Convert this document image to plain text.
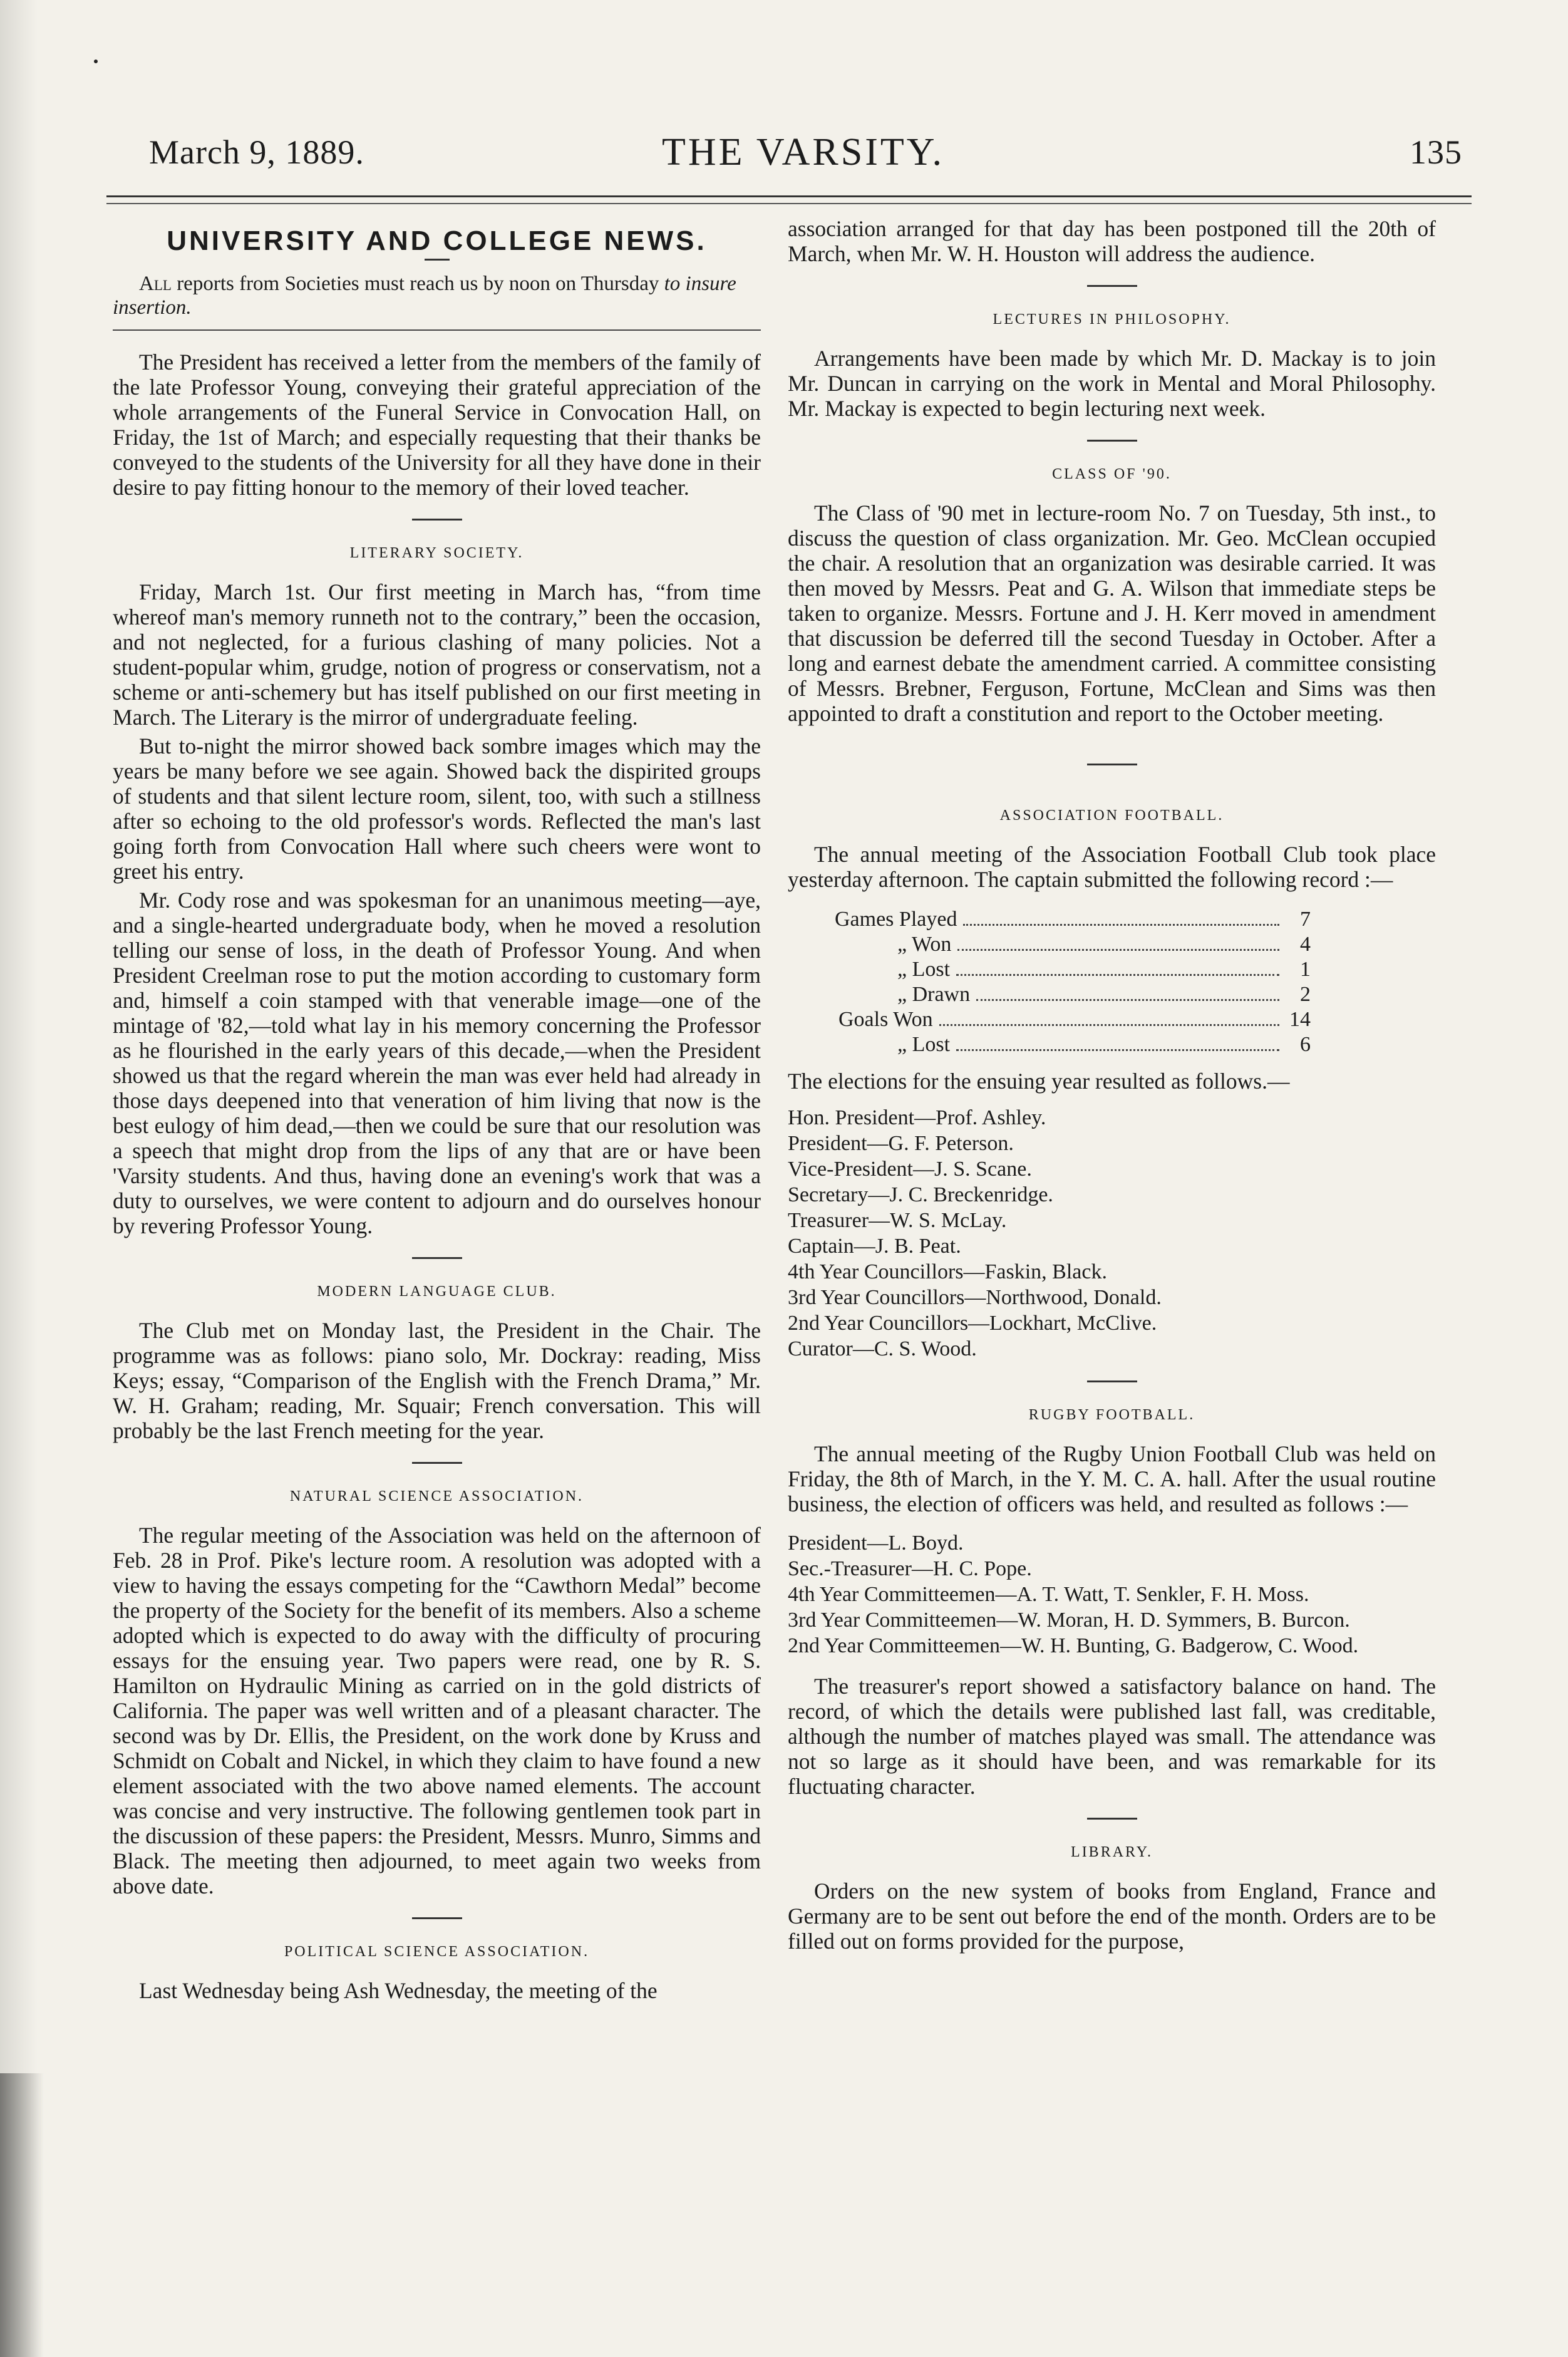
March 9, 1889.	THE VARSITY.	135
UNIVERSITY AND COLLEGE NEWS.

All reports from Societies must reach us by noon on Thursday to insure insertion.

The President has received a letter from the members of the family of the late Professor Young, conveying their grateful appreciation of the whole arrangements of the Funeral Service in Convocation Hall, on Friday, the 1st of March; and especially requesting that their thanks be conveyed to the students of the University for all they have done in their desire to pay fitting honour to the memory of their loved teacher.

LITERARY SOCIETY.

Friday, March 1st. Our first meeting in March has, “from time whereof man's memory runneth not to the contrary,” been the occasion, and not neglected, for a furious clashing of many policies. Not a student-popular whim, grudge, notion of progress or conservatism, not a scheme or anti-schemery but has itself published on our first meeting in March. The Literary is the mirror of undergraduate feeling.

But to-night the mirror showed back sombre images which may the years be many before we see again. Showed back the dispirited groups of students and that silent lecture room, silent, too, with such a stillness after so echoing to the old professor's words. Reflected the man's last going forth from Convocation Hall where such cheers were wont to greet his entry.

Mr. Cody rose and was spokesman for an unanimous meeting—aye, and a single-hearted undergraduate body, when he moved a resolution telling our sense of loss, in the death of Professor Young. And when President Creelman rose to put the motion according to customary form and, himself a coin stamped with that venerable image—one of the mintage of '82,—told what lay in his memory concerning the Professor as he flourished in the early years of this decade,—when the President showed us that the regard wherein the man was ever held had already in those days deepened into that veneration of him living that now is the best eulogy of him dead,—then we could be sure that our resolution was a speech that might drop from the lips of any that are or have been 'Varsity students. And thus, having done an evening's work that was a duty to ourselves, we were content to adjourn and do ourselves honour by revering Professor Young.

MODERN LANGUAGE CLUB.

The Club met on Monday last, the President in the Chair. The programme was as follows: piano solo, Mr. Dockray: reading, Miss Keys; essay, “Comparison of the English with the French Drama,” Mr. W. H. Graham; reading, Mr. Squair; French conversation. This will probably be the last French meeting for the year.

NATURAL SCIENCE ASSOCIATION.

The regular meeting of the Association was held on the afternoon of Feb. 28 in Prof. Pike's lecture room. A resolution was adopted with a view to having the essays competing for the “Cawthorn Medal” become the property of the Society for the benefit of its members. Also a scheme adopted which is expected to do away with the difficulty of procuring essays for the ensuing year. Two papers were read, one by R. S. Hamilton on Hydraulic Mining as carried on in the gold districts of California. The paper was well written and of a pleasant character. The second was by Dr. Ellis, the President, on the work done by Kruss and Schmidt on Cobalt and Nickel, in which they claim to have found a new element associated with the two above named elements. The account was concise and very instructive. The following gentlemen took part in the discussion of these papers: the President, Messrs. Munro, Simms and Black. The meeting then adjourned, to meet again two weeks from above date.

POLITICAL SCIENCE ASSOCIATION.

Last Wednesday being Ash Wednesday, the meeting of the

association arranged for that day has been postponed till the 20th of March, when Mr. W. H. Houston will address the audience.

LECTURES IN PHILOSOPHY.

Arrangements have been made by which Mr. D. Mackay is to join Mr. Duncan in carrying on the work in Mental and Moral Philosophy. Mr. Mackay is expected to begin lecturing next week.

CLASS OF '90.

The Class of '90 met in lecture-room No. 7 on Tuesday, 5th inst., to discuss the question of class organization. Mr. Geo. McClean occupied the chair. A resolution that an organization was desirable carried. It was then moved by Messrs. Peat and G. A. Wilson that immediate steps be taken to organize. Messrs. Fortune and J. H. Kerr moved in amendment that discussion be deferred till the second Tuesday in October. After a long and earnest debate the amendment carried. A committee consisting of Messrs. Brebner, Ferguson, Fortune, McClean and Sims was then appointed to draft a constitution and report to the October meeting.

ASSOCIATION FOOTBALL.

The annual meeting of the Association Football Club took place yesterday afternoon. The captain submitted the following record :—

Games Played	7
„ Won	4
„ Lost	1
„ Drawn	2
Goals Won	14
„ Lost	6

The elections for the ensuing year resulted as follows.—

Hon. President—Prof. Ashley.
President—G. F. Peterson.
Vice-President—J. S. Scane.
Secretary—J. C. Breckenridge.
Treasurer—W. S. McLay.
Captain—J. B. Peat.
4th Year Councillors—Faskin, Black.
3rd Year Councillors—Northwood, Donald.
2nd Year Councillors—Lockhart, McClive.
Curator—C. S. Wood.
RUGBY FOOTBALL.

The annual meeting of the Rugby Union Football Club was held on Friday, the 8th of March, in the Y. M. C. A. hall. After the usual routine business, the election of officers was held, and resulted as follows :—

President—L. Boyd.
Sec.-Treasurer—H. C. Pope.
4th Year Committeemen—A. T. Watt, T. Senkler, F. H. Moss.
3rd Year Committeemen—W. Moran, H. D. Symmers, B. Burcon.
2nd Year Committeemen—W. H. Bunting, G. Badgerow, C. Wood.

The treasurer's report showed a satisfactory balance on hand. The record, of which the details were published last fall, was creditable, although the number of matches played was small. The attendance was not so large as it should have been, and was remarkable for its fluctuating character.

LIBRARY.

Orders on the new system of books from England, France and Germany are to be sent out before the end of the month. Orders are to be filled out on forms provided for the purpose,
